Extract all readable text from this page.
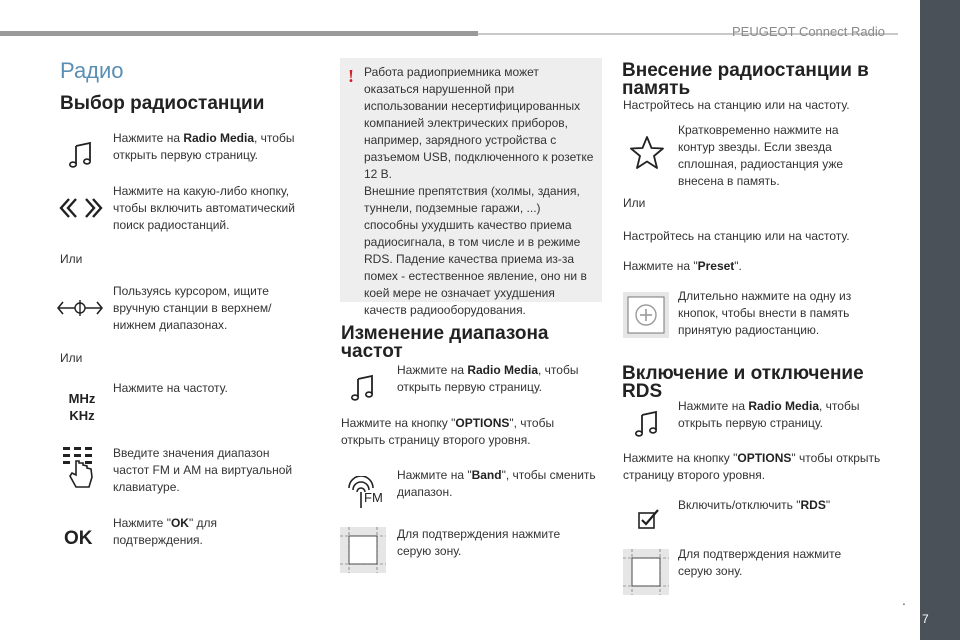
PEUGEOT Connect Radio
.
7
Радио
Выбор радиостанции
Нажмите на Radio Media, чтобы открыть первую страницу.
Нажмите на какую-либо кнопку, чтобы включить автоматический поиск радиостанций.
Или
Пользуясь курсором, ищите вручную станции в верхнем/ нижнем диапазонах.
Или
MHz
KHz
Нажмите на частоту.
Введите значения диапазон частот FM и AM на виртуальной клавиатуре.
OK
Нажмите "OK" для подтверждения.
! Работа радиоприемника может оказаться нарушенной при использовании несертифицированных компанией электрических приборов, например, зарядного устройства с разъемом USB, подключенного к розетке 12 В.
Внешние препятствия (холмы, здания, туннели, подземные гаражи, ...) способны ухудшить качество приема радиосигнала, в том числе и в режиме RDS. Падение качества приема из-за помех - естественное явление, оно ни в коей мере не означает ухудшения качеств радиооборудования.
Изменение диапазона
частот
Нажмите на Radio Media, чтобы открыть первую страницу.
Нажмите на кнопку "OPTIONS", чтобы открыть страницу второго уровня.
FM
Нажмите на "Band", чтобы сменить диапазон.
Для подтверждения нажмите серую зону.
Внесение радиостанции в
память
Настройтесь на станцию или на частоту.
Кратковременно нажмите на контур звезды. Если звезда сплошная, радиостанция уже внесена в память.
Или
Настройтесь на станцию или на частоту.
Нажмите на "Preset".
Длительно нажмите на одну из кнопок, чтобы внести в память принятую радиостанцию.
Включение и отключение
RDS
Нажмите на Radio Media, чтобы открыть первую страницу.
Нажмите на кнопку "OPTIONS" чтобы открыть страницу второго уровня.
Включить/отключить "RDS"
Для подтверждения нажмите серую зону.
